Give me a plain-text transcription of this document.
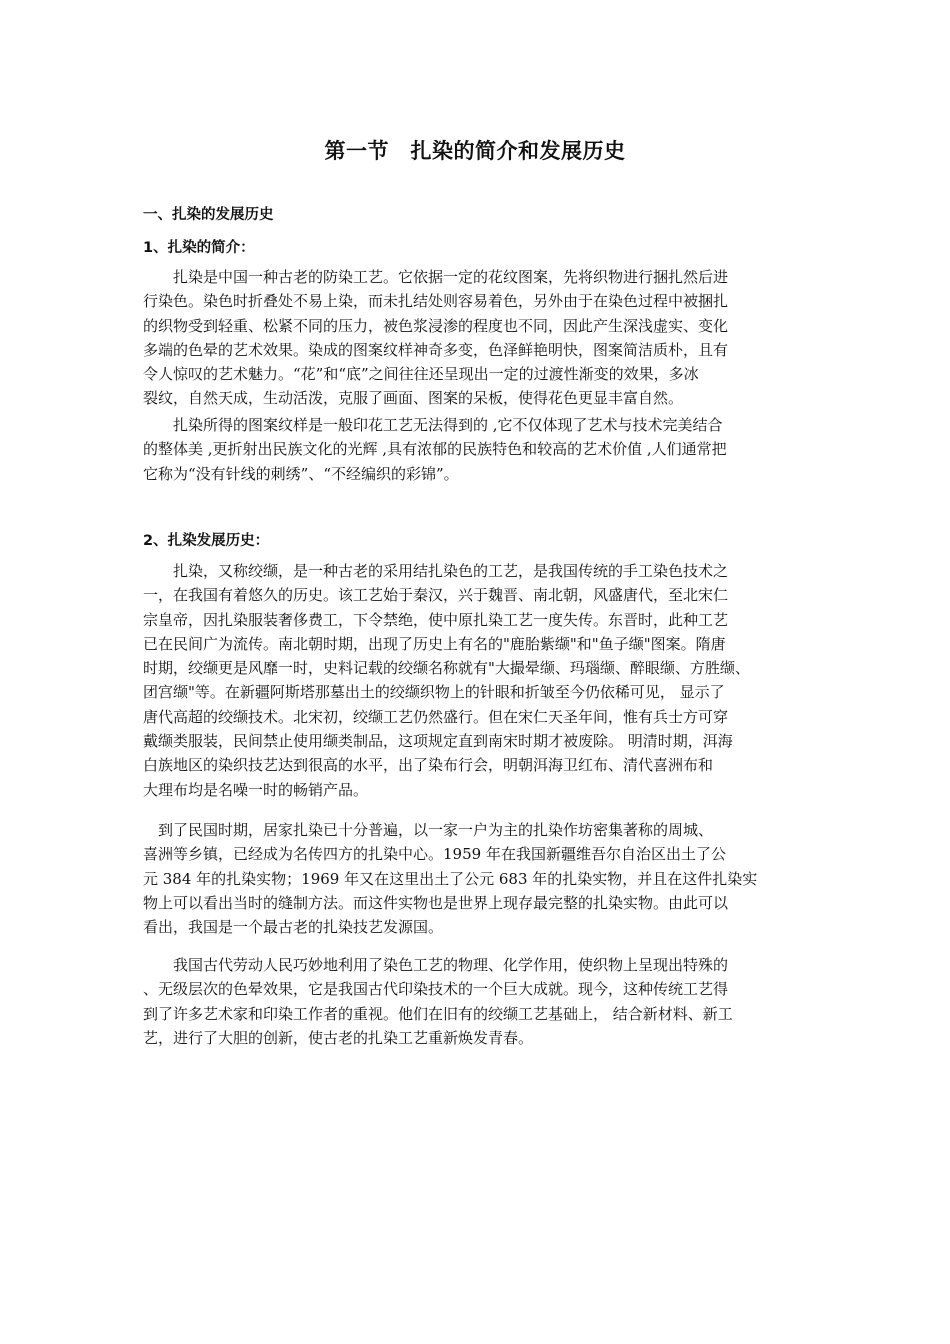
第一节　扎染的简介和发展历史
一、扎染的发展历史
1、扎染的简介：
　　扎染是中国一种古老的防染工艺。它依据一定的花纹图案，先将织物进行捆扎然后进
行染色。染色时折叠处不易上染，而未扎结处则容易着色，另外由于在染色过程中被捆扎
的织物受到轻重、松紧不同的压力，被色浆浸渗的程度也不同，因此产生深浅虚实、变化
多端的色晕的艺术效果。染成的图案纹样神奇多变，色泽鲜艳明快，图案简洁质朴，且有
令人惊叹的艺术魅力。“花”和“底”之间往往还呈现出一定的过渡性渐变的效果，多冰
裂纹，自然天成，生动活泼，克服了画面、图案的呆板，使得花色更显丰富自然。
　　扎染所得的图案纹样是一般印花工艺无法得到的 ,它不仅体现了艺术与技术完美结合
的整体美 ,更折射出民族文化的光辉 ,具有浓郁的民族特色和较高的艺术价值 ,人们通常把
它称为“没有针线的刺绣”、“不经编织的彩锦”。
2、扎染发展历史：
　　扎染，又称绞缬，是一种古老的采用结扎染色的工艺，是我国传统的手工染色技术之
一，在我国有着悠久的历史。该工艺始于秦汉，兴于魏晋、南北朝，风盛唐代，至北宋仁
宗皇帝，因扎染服装奢侈费工，下令禁绝，使中原扎染工艺一度失传。东晋时，此种工艺
已在民间广为流传。南北朝时期，出现了历史上有名的"鹿胎紫缬"和"鱼子缬"图案。隋唐
时期，绞缬更是风靡一时，史料记载的绞缬名称就有"大撮晕缬、玛瑙缬、醉眼缬、方胜缬、
团宫缬"等。在新疆阿斯塔那墓出土的绞缬织物上的针眼和折皱至今仍依稀可见， 显示了
唐代高超的绞缬技术。北宋初，绞缬工艺仍然盛行。但在宋仁天圣年间，惟有兵士方可穿
戴缬类服装，民间禁止使用缬类制品，这项规定直到南宋时期才被废除。 明清时期，洱海
白族地区的染织技艺达到很高的水平，出了染布行会，明朝洱海卫红布、清代喜洲布和
大理布均是名噪一时的畅销产品。
　到了民国时期，居家扎染已十分普遍，以一家一户为主的扎染作坊密集著称的周城、
喜洲等乡镇，已经成为名传四方的扎染中心。1959 年在我国新疆维吾尔自治区出土了公
元 384 年的扎染实物；1969 年又在这里出土了公元 683 年的扎染实物，并且在这件扎染实
物上可以看出当时的缝制方法。而这件实物也是世界上现存最完整的扎染实物。由此可以
看出，我国是一个最古老的扎染技艺发源国。
　　我国古代劳动人民巧妙地利用了染色工艺的物理、化学作用，使织物上呈现出特殊的
、无级层次的色晕效果，它是我国古代印染技术的一个巨大成就。现今，这种传统工艺得
到了许多艺术家和印染工作者的重视。他们在旧有的绞缬工艺基础上， 结合新材料、新工
艺，进行了大胆的创新，使古老的扎染工艺重新焕发青春。
